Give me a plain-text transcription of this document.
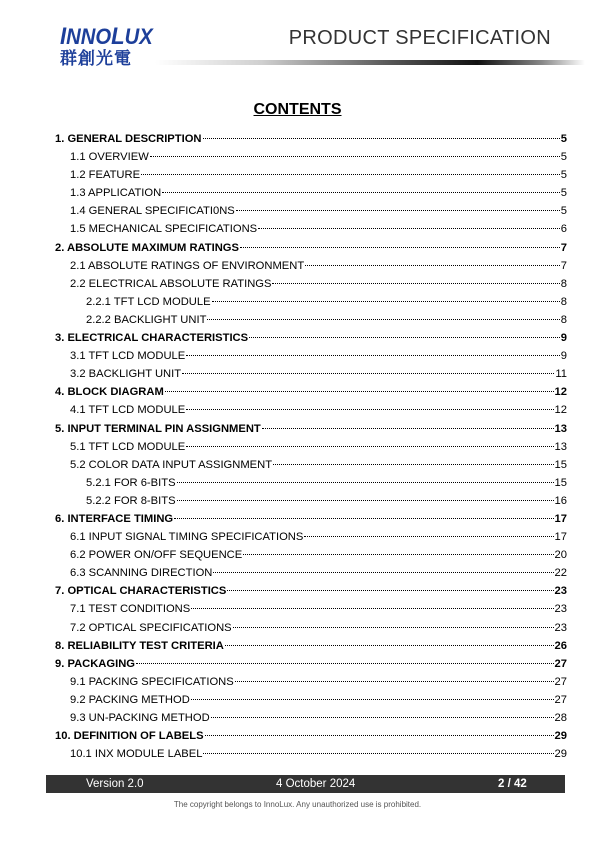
INNOLUX
群創光電
PRODUCT SPECIFICATION
CONTENTS
1. GENERAL DESCRIPTION	5
1.1 OVERVIEW	5
1.2 FEATURE	5
1.3 APPLICATION	5
1.4 GENERAL SPECIFICATI0NS	5
1.5 MECHANICAL SPECIFICATIONS	6
2. ABSOLUTE MAXIMUM RATINGS	7
2.1 ABSOLUTE RATINGS OF ENVIRONMENT	7
2.2 ELECTRICAL ABSOLUTE RATINGS	8
2.2.1 TFT LCD MODULE	8
2.2.2 BACKLIGHT UNIT	8
3. ELECTRICAL CHARACTERISTICS	9
3.1 TFT LCD MODULE	9
3.2 BACKLIGHT UNIT	11
4. BLOCK DIAGRAM	12
4.1 TFT LCD MODULE	12
5. INPUT TERMINAL PIN ASSIGNMENT	13
5.1 TFT LCD MODULE	13
5.2 COLOR DATA INPUT ASSIGNMENT	15
5.2.1 FOR 6-BITS	15
5.2.2 FOR 8-BITS	16
6. INTERFACE TIMING	17
6.1 INPUT SIGNAL TIMING SPECIFICATIONS	17
6.2 POWER ON/OFF SEQUENCE	20
6.3 SCANNING DIRECTION	22
7. OPTICAL CHARACTERISTICS	23
7.1 TEST CONDITIONS	23
7.2 OPTICAL SPECIFICATIONS	23
8. RELIABILITY TEST CRITERIA	26
9. PACKAGING	27
9.1 PACKING SPECIFICATIONS	27
9.2 PACKING METHOD	27
9.3 UN-PACKING METHOD	28
10. DEFINITION OF LABELS	29
10.1 INX MODULE LABEL	29
Version 2.0	4 October 2024	2 / 42
The copyright belongs to InnoLux. Any unauthorized use is prohibited.
